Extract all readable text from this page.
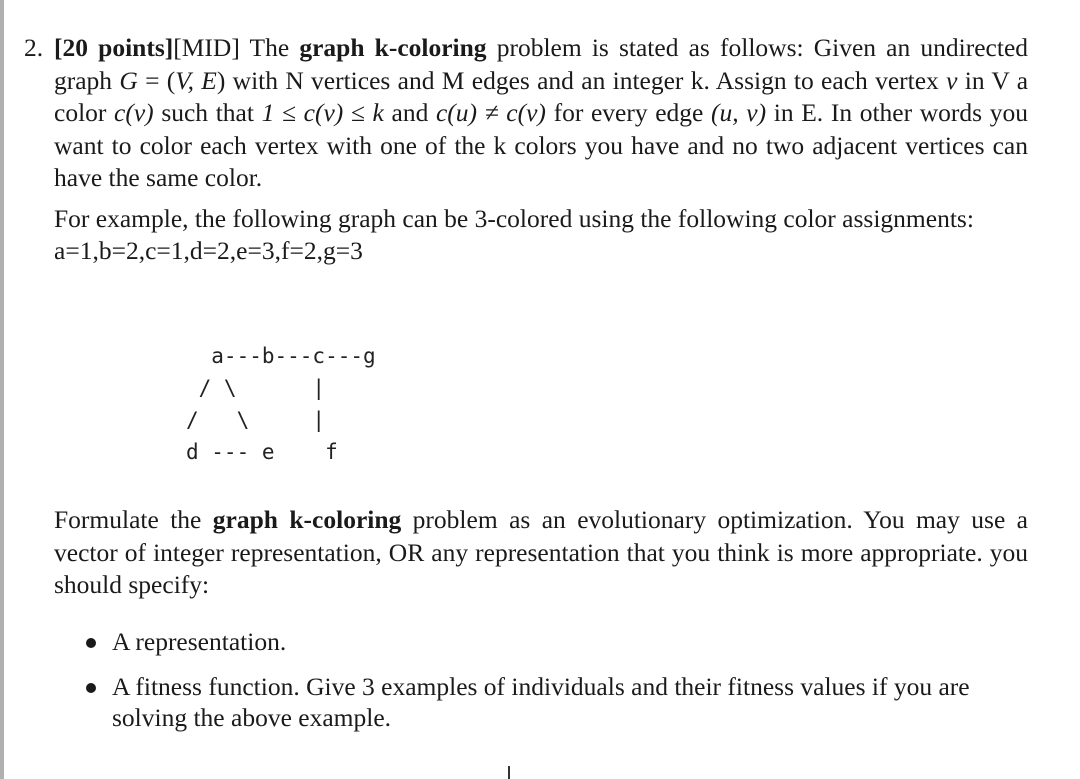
2. [20 points][MID] The graph k-coloring problem is stated as follows: Given an undirected graph G = (V, E) with N vertices and M edges and an integer k. Assign to each vertex v in V a color c(v) such that 1 ≤ c(v) ≤ k and c(u) ≠ c(v) for every edge (u, v) in E. In other words you want to color each vertex with one of the k colors you have and no two adjacent vertices can have the same color.

For example, the following graph can be 3-colored using the following color assignments:
a=1,b=2,c=1,d=2,e=3,f=2,g=3

a---b---c---g
/ \      |
/   \     |
d --- e    f

Formulate the graph k-coloring problem as an evolutionary optimization. You may use a vector of integer representation, OR any representation that you think is more appropriate. you should specify:

A representation.
A fitness function. Give 3 examples of individuals and their fitness values if you are solving the above example.
